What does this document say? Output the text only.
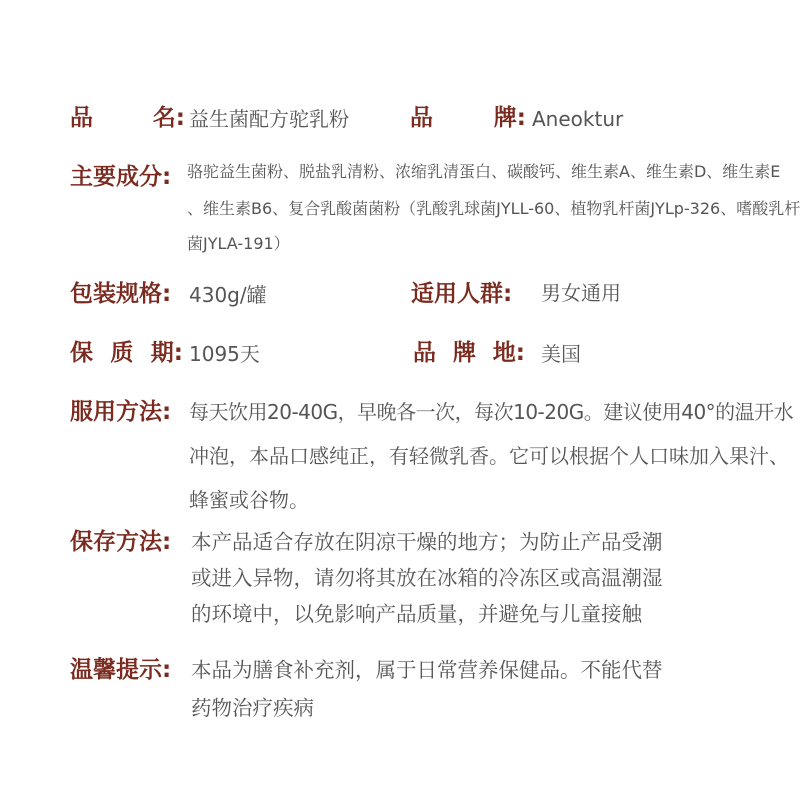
品	名: 益生菌配方驼乳粉	品	牌: Aneoktur
主要成分: 骆驼益生菌粉、脱盐乳清粉、浓缩乳清蛋白、碳酸钙、维生素A、维生素D、维生素E
、维生素B6、复合乳酸菌菌粉（乳酸乳球菌JYLL-60、植物乳杆菌JYLp-326、嗜酸乳杆
菌JYLA-191）
包装规格: 430g/罐	适用人群: 男女通用
保 质 期: 1095天	品 牌 地: 美国
服用方法: 每天饮用20-40G，早晚各一次，每次10-20G。建议使用40°的温开水
冲泡，本品口感纯正，有轻微乳香。它可以根据个人口味加入果汁、
蜂蜜或谷物。
保存方法: 本产品适合存放在阴凉干燥的地方；为防止产品受潮
或进入异物，请勿将其放在冰箱的冷冻区或高温潮湿
的环境中，以免影响产品质量，并避免与儿童接触
温馨提示: 本品为膳食补充剂，属于日常营养保健品。不能代替
药物治疗疾病
